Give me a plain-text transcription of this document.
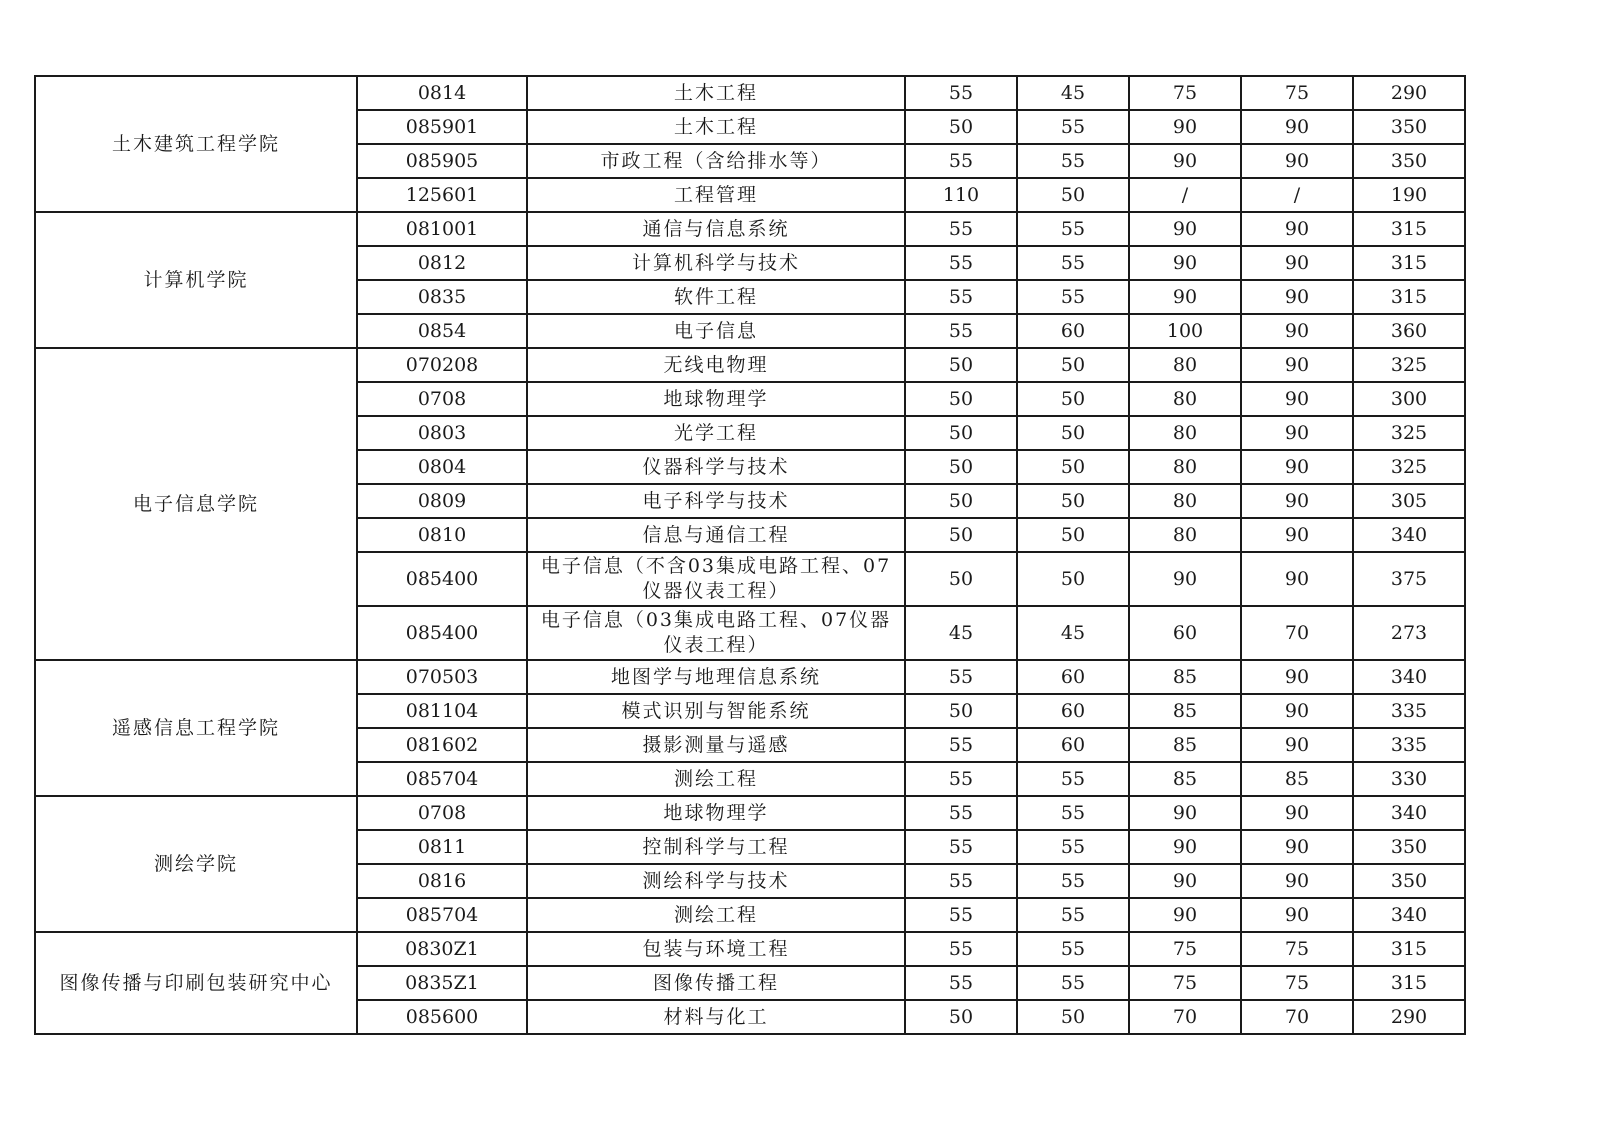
土木建筑工程学院	0814	土木工程	55	45	75	75	290
	085901	土木工程	50	55	90	90	350
	085905	市政工程（含给排水等）	55	55	90	90	350
	125601	工程管理	110	50	/	/	190
计算机学院	081001	通信与信息系统	55	55	90	90	315
	0812	计算机科学与技术	55	55	90	90	315
	0835	软件工程	55	55	90	90	315
	0854	电子信息	55	60	100	90	360
电子信息学院	070208	无线电物理	50	50	80	90	325
	0708	地球物理学	50	50	80	90	300
	0803	光学工程	50	50	80	90	325
	0804	仪器科学与技术	50	50	80	90	325
	0809	电子科学与技术	50	50	80	90	305
	0810	信息与通信工程	50	50	80	90	340
	085400	电子信息（不含03集成电路工程、07仪器仪表工程）	50	50	90	90	375
	085400	电子信息（03集成电路工程、07仪器仪表工程）	45	45	60	70	273
遥感信息工程学院	070503	地图学与地理信息系统	55	60	85	90	340
	081104	模式识别与智能系统	50	60	85	90	335
	081602	摄影测量与遥感	55	60	85	90	335
	085704	测绘工程	55	55	85	85	330
测绘学院	0708	地球物理学	55	55	90	90	340
	0811	控制科学与工程	55	55	90	90	350
	0816	测绘科学与技术	55	55	90	90	350
	085704	测绘工程	55	55	90	90	340
图像传播与印刷包装研究中心	0830Z1	包装与环境工程	55	55	75	75	315
	0835Z1	图像传播工程	55	55	75	75	315
	085600	材料与化工	50	50	70	70	290
